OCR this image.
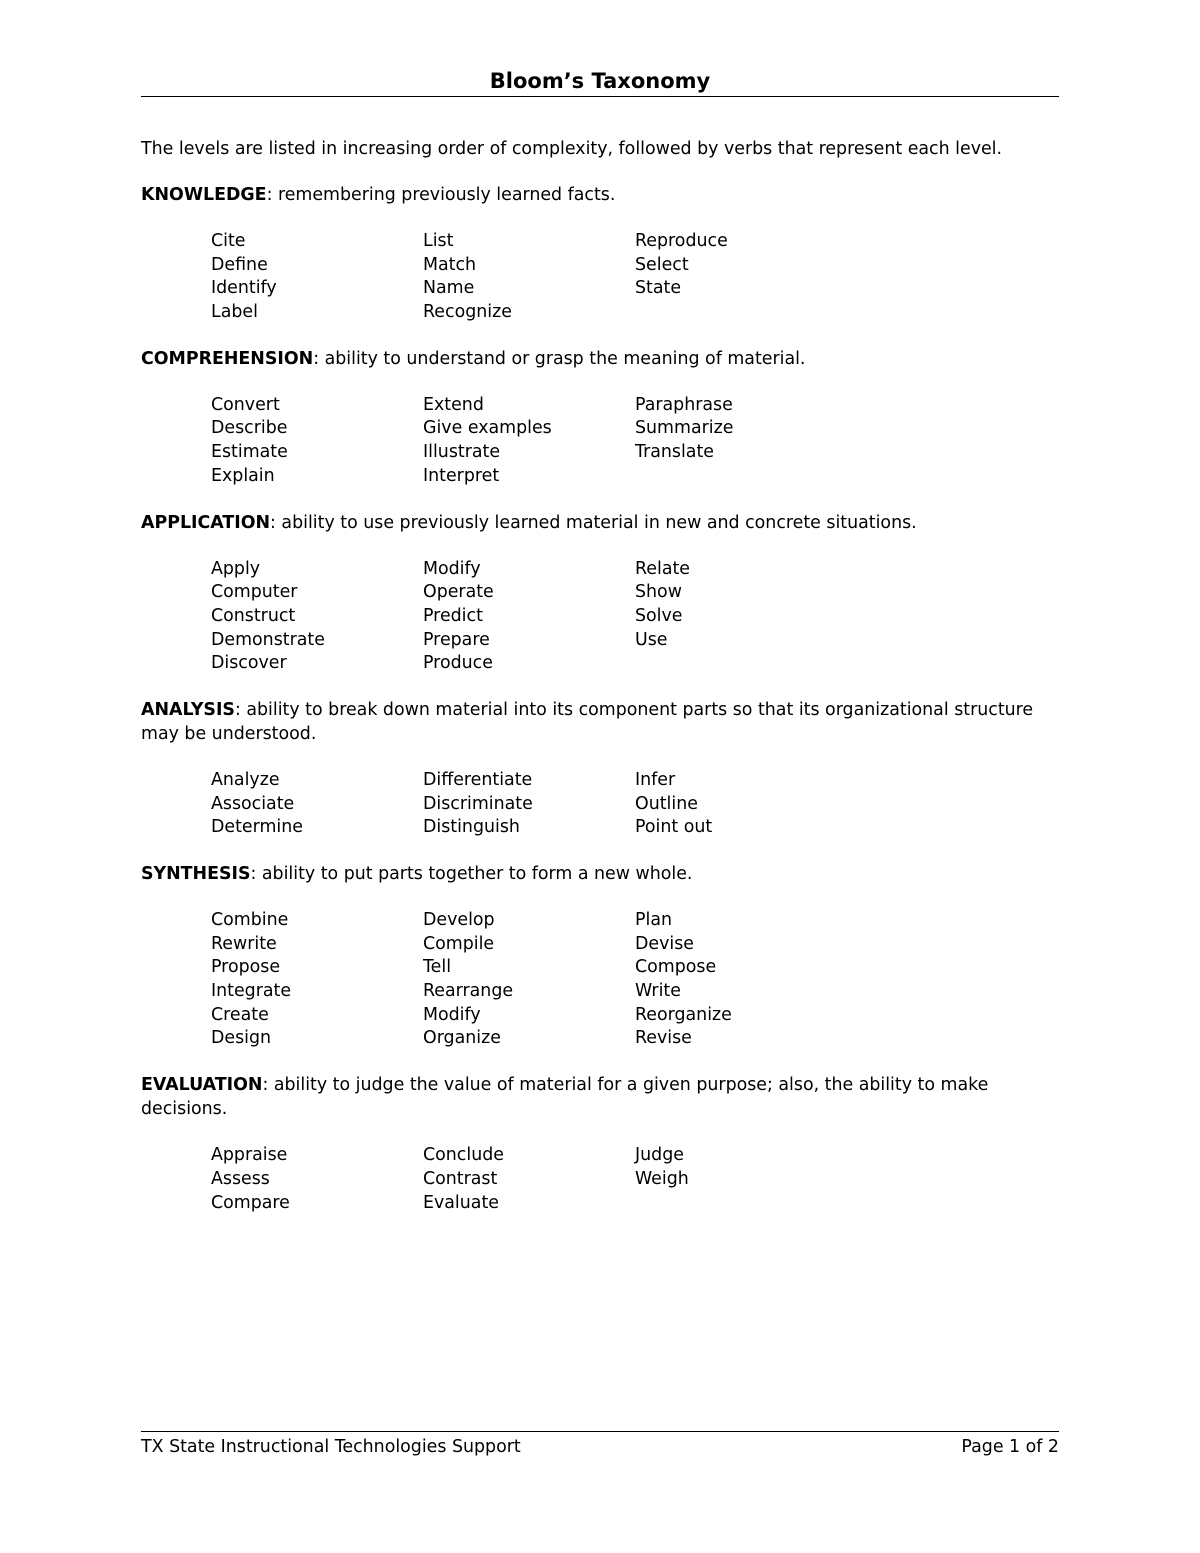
Bloom’s Taxonomy

The levels are listed in increasing order of complexity, followed by verbs that represent each level.

KNOWLEDGE: remembering previously learned facts.

Cite	List	Reproduce
Define	Match	Select
Identify	Name	State
Label	Recognize

COMPREHENSION: ability to understand or grasp the meaning of material.

Convert	Extend	Paraphrase
Describe	Give examples	Summarize
Estimate	Illustrate	Translate
Explain	Interpret

APPLICATION: ability to use previously learned material in new and concrete situations.

Apply	Modify	Relate
Computer	Operate	Show
Construct	Predict	Solve
Demonstrate	Prepare	Use
Discover	Produce

ANALYSIS: ability to break down material into its component parts so that its organizational structure may be understood.

Analyze	Differentiate	Infer
Associate	Discriminate	Outline
Determine	Distinguish	Point out

SYNTHESIS: ability to put parts together to form a new whole.

Combine	Develop	Plan
Rewrite	Compile	Devise
Propose	Tell	Compose
Integrate	Rearrange	Write
Create	Modify	Reorganize
Design	Organize	Revise

EVALUATION: ability to judge the value of material for a given purpose; also, the ability to make decisions.

Appraise	Conclude	Judge
Assess	Contrast	Weigh
Compare	Evaluate
TX State Instructional Technologies Support	Page 1 of 2
